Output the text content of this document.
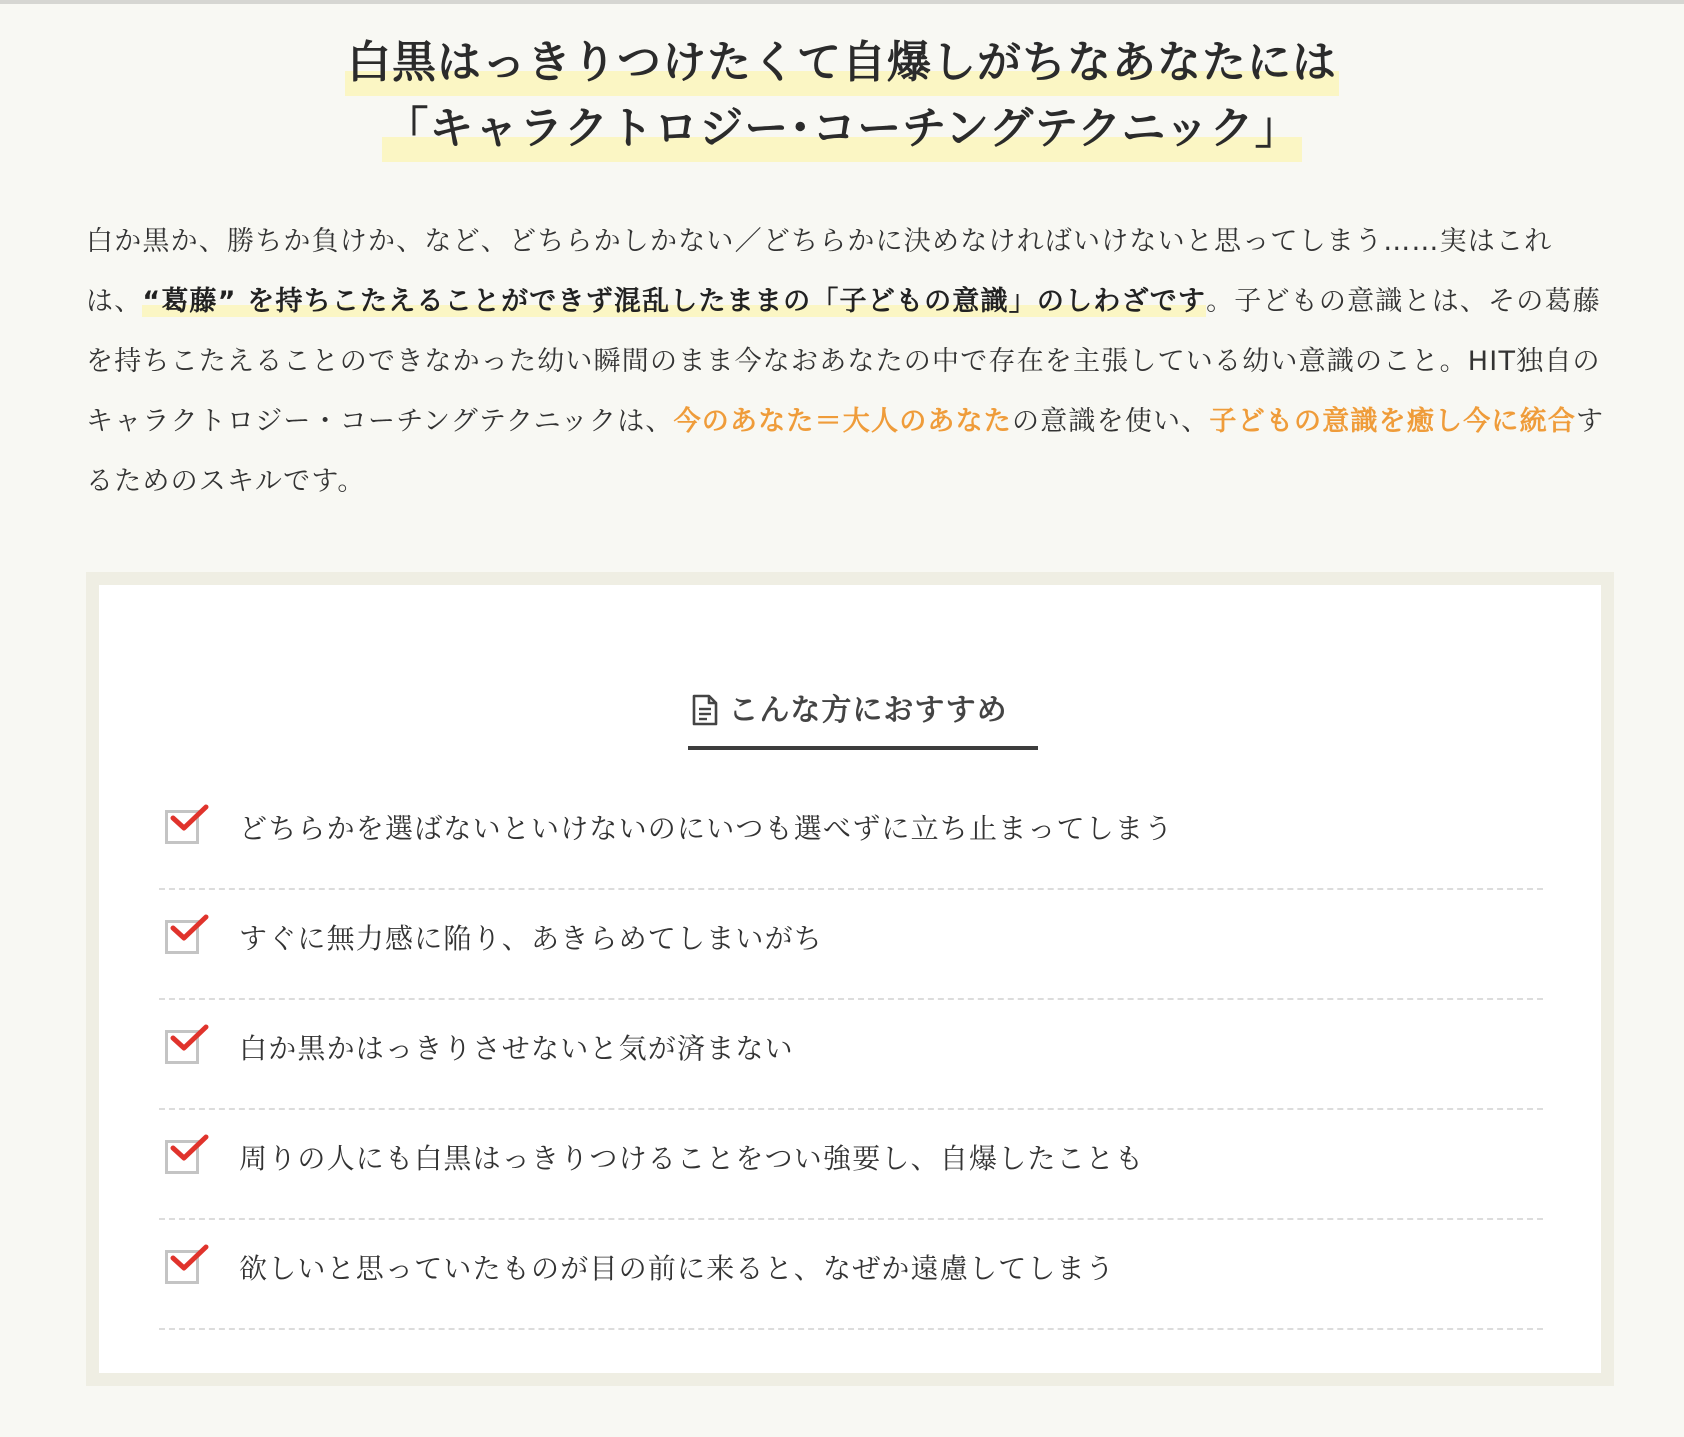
白黒はっきりつけたくて自爆しがちなあなたには
「キャラクトロジー･コーチングテクニック」

白か黒か、勝ちか負けか、など、どちらかしかない／どちらかに決めなければいけないと思ってしまう……実はこれは、“葛藤” を持ちこたえることができず混乱したままの「子どもの意識」のしわざです。子どもの意識とは、その葛藤を持ちこたえることのできなかった幼い瞬間のまま今なおあなたの中で存在を主張している幼い意識のこと。HIT独自のキャラクトロジー・コーチングテクニックは、今のあなた＝大人のあなたの意識を使い、子どもの意識を癒し今に統合するためのスキルです。

こんな方におすすめ
どちらかを選ばないといけないのにいつも選べずに立ち止まってしまう
すぐに無力感に陥り、あきらめてしまいがち
白か黒かはっきりさせないと気が済まない
周りの人にも白黒はっきりつけることをつい強要し、自爆したことも
欲しいと思っていたものが目の前に来ると、なぜか遠慮してしまう
